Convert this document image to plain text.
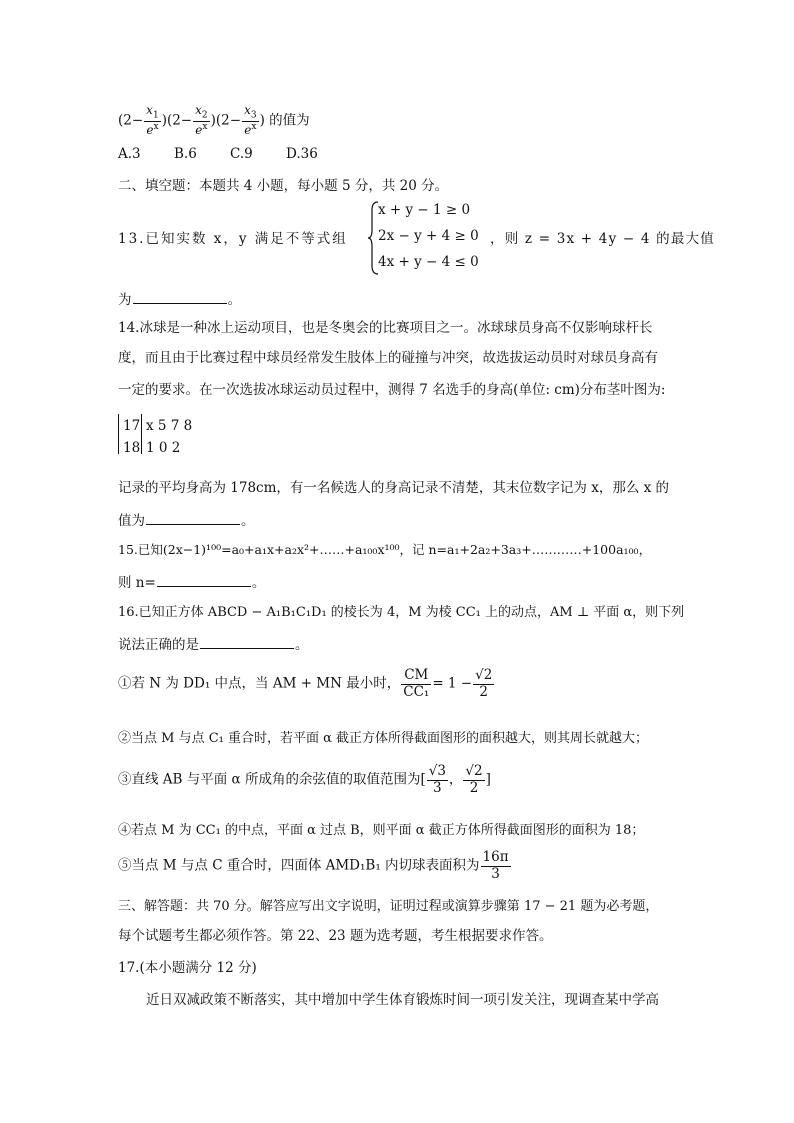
$(2- \frac{x_1}{e^x} )(2- \frac{x_2}{e^x} )(2- \frac{x_3}{e^x}$ ) 的值为
A.3 B.6 C.9 D.36
二、填空题：本题共 4 小题，每小题 5 分，共 20 分。
13.已知实数 x，y 满足不等式组
x + y − 1 ≥ 0
2x − y + 4 ≥ 0
4x + y − 4 ≤ 0
，则 z = 3x + 4y − 4 的最大值
为	。
14.冰球是一种冰上运动项目，也是冬奥会的比赛项目之一。冰球球员身高不仅影响球杆长
度，而且由于比赛过程中球员经常发生肢体上的碰撞与冲突，故选拔运动员时对球员身高有
一定的要求。在一次选拔冰球运动员过程中，测得 7 名选手的身高(单位: cm)分布茎叶图为:
17 x 5 7 8
18 1 0 2
记录的平均身高为 178cm，有一名候选人的身高记录不清楚，其末位数字记为 x，那么 x 的
值为	。
15.已知(2x−1)¹⁰⁰=a₀+a₁x+a₂x²+……+a₁₀₀x¹⁰⁰，记 n=a₁+2a₂+3a₃+…………+100a₁₀₀，
则 n=	。
16.已知正方体 ABCD − A₁B₁C₁D₁ 的棱长为 4，M 为棱 CC₁ 上的动点，AM ⊥ 平面 α，则下列
说法正确的是	。
①若 N 为 DD₁ 中点，当 AM + MN 最小时， $\frac{CM}{\text{CC₁}} = 1 - \frac{√2}{2}$
②当点 M 与点 C₁ 重合时，若平面 α 截正方体所得截面图形的面积越大，则其周长就越大；
③直线 AB 与平面 α 所成角的余弦值的取值范围为[ $\frac{√3}{3}$ ， $\frac{√2}{2}$ ]
④若点 M 为 CC₁ 的中点，平面 α 过点 B，则平面 α 截正方体所得截面图形的面积为 18；
⑤当点 M 与点 C 重合时，四面体 AMD₁B₁ 内切球表面积为 $\frac{16\pi}{3}$
三、解答题：共 70 分。解答应写出文字说明，证明过程或演算步骤第 17 − 21 题为必考题，
每个试题考生都必须作答。第 22、23 题为选考题，考生根据要求作答。
17.(本小题满分 12 分)
近日双减政策不断落实，其中增加中学生体育锻炼时间一项引发关注，现调查某中学高
